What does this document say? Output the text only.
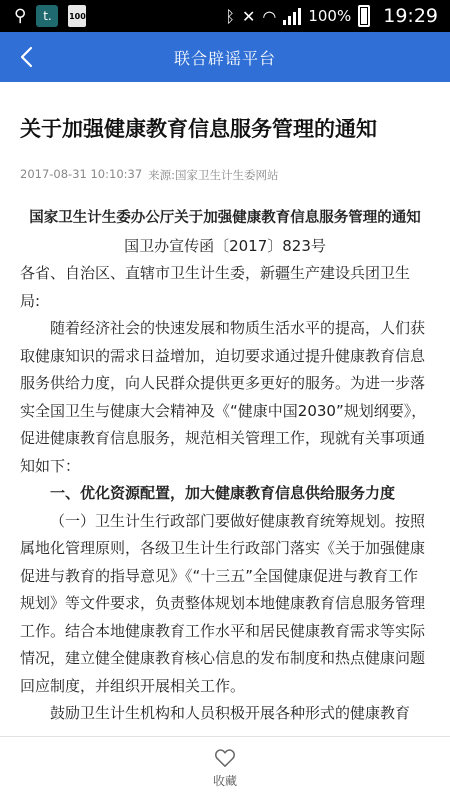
⚲	t.	100	ᛒ ✕ ◠ 100% 19:29
联合辟谣平台
关于加强健康教育信息服务管理的通知
2017-08-31 10:10:37 来源:国家卫生计生委网站

国家卫生计生委办公厅关于加强健康教育信息服务管理的通知

国卫办宣传函〔2017〕823号

各省、自治区、直辖市卫生计生委，新疆生产建设兵团卫生局:

随着经济社会的快速发展和物质生活水平的提高，人们获取健康知识的需求日益增加，迫切要求通过提升健康教育信息服务供给力度，向人民群众提供更多更好的服务。为进一步落实全国卫生与健康大会精神及《“健康中国2030”规划纲要》，促进健康教育信息服务，规范相关管理工作，现就有关事项通知如下：

一、优化资源配置，加大健康教育信息供给服务力度

（一）卫生计生行政部门要做好健康教育统筹规划。按照属地化管理原则，各级卫生计生行政部门落实《关于加强健康促进与教育的指导意见》《“十三五”全国健康促进与教育工作规划》等文件要求，负责整体规划本地健康教育信息服务管理工作。结合本地健康教育工作水平和居民健康教育需求等实际情况，建立健全健康教育核心信息的发布制度和热点健康问题回应制度，并组织开展相关工作。

鼓励卫生计生机构和人员积极开展各种形式的健康教育

收藏
